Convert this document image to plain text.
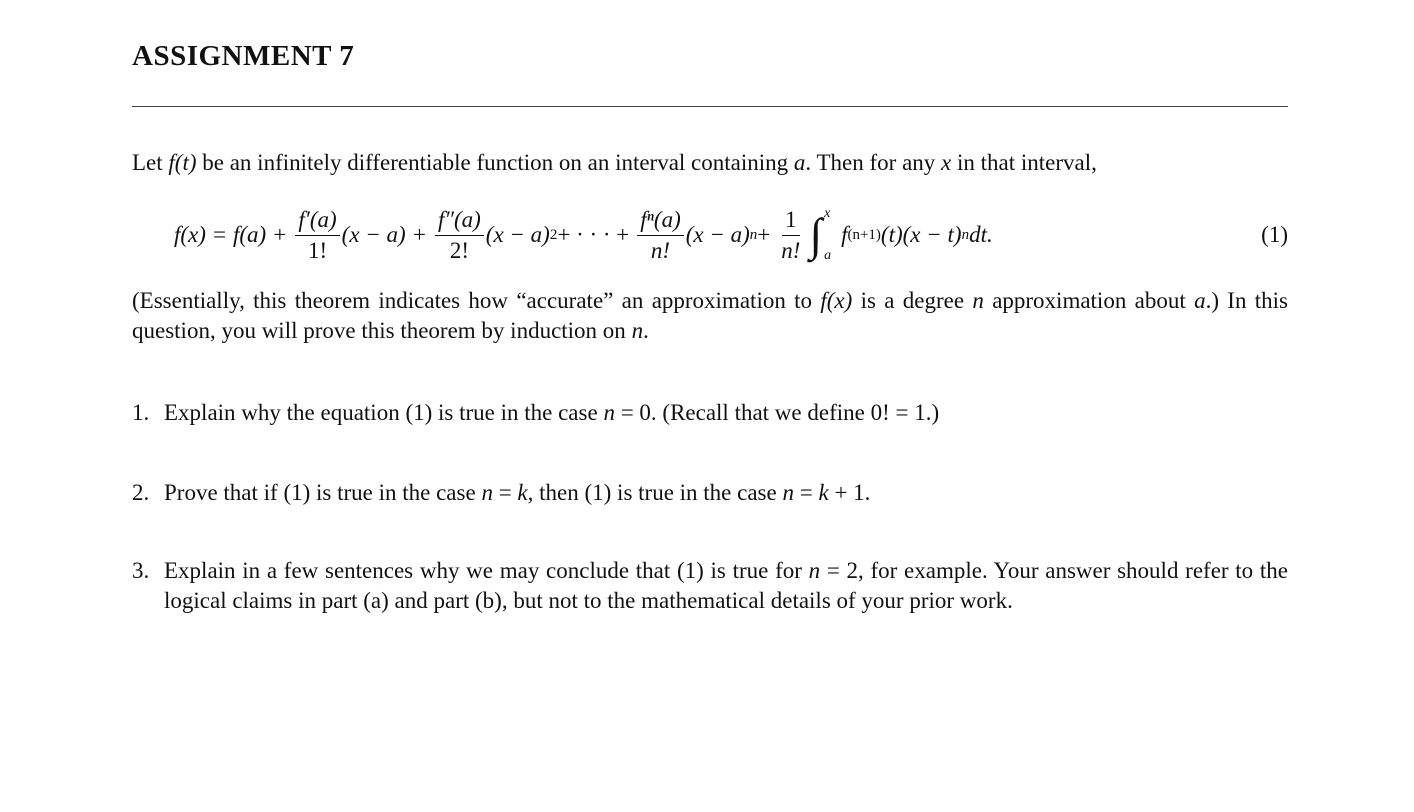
ASSIGNMENT 7

Let f(t) be an infinitely differentiable function on an interval containing a. Then for any x in that interval,

$f(x) = f(a) + \frac{f'(a)}{1!} (x - a) + \frac{f''(a)}{2!} (x - a) 2$ + · · · + $\frac{\text{fⁿ(a)}}{n!} (x - a) n + \frac{1}{n!}$ ∫ x
a
f (n+1) (t)(x − t) n dt.	(1)

(Essentially, this theorem indicates how “accurate” an approximation to f(x) is a degree n approximation about a.) In this question, you will prove this theorem by induction on n.

1. Explain why the equation (1) is true in the case n = 0. (Recall that we define 0! = 1.)
2. Prove that if (1) is true in the case n = k, then (1) is true in the case n = k + 1.
3. Explain in a few sentences why we may conclude that (1) is true for n = 2, for example. Your answer should refer to the logical claims in part (a) and part (b), but not to the mathematical details of your prior work.
